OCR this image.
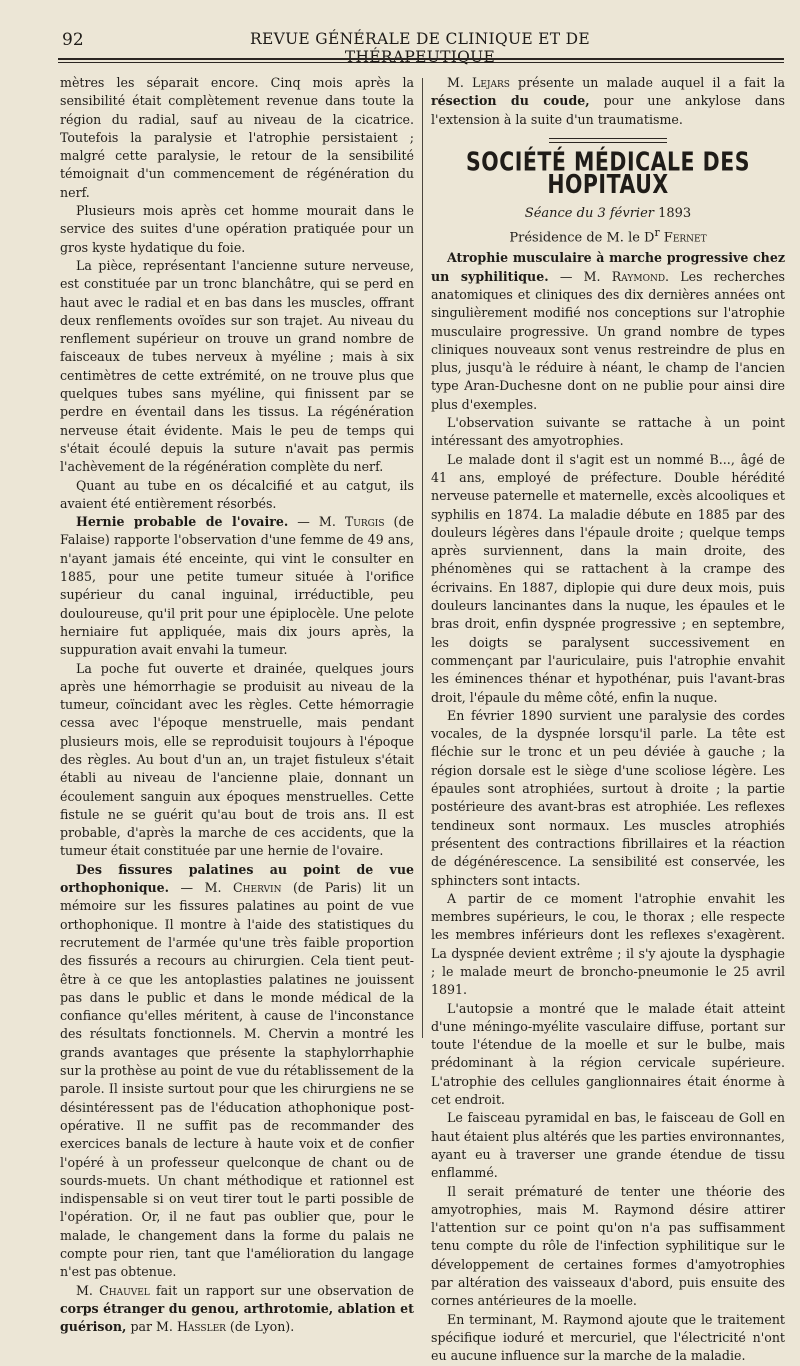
92	REVUE GÉNÉRALE DE CLINIQUE ET DE THÉRAPEUTIQUE

mètres les séparait encore. Cinq mois après la sensibilité était complètement revenue dans toute la région du radial, sauf au niveau de la cicatrice. Toutefois la paralysie et l'atrophie persistaient ; malgré cette paralysie, le retour de la sensibilité témoignait d'un commencement de régénération du nerf.

Plusieurs mois après cet homme mourait dans le service des suites d'une opération pratiquée pour un gros kyste hydatique du foie.

La pièce, représentant l'ancienne suture nerveuse, est constituée par un tronc blanchâtre, qui se perd en haut avec le radial et en bas dans les muscles, offrant deux renflements ovoïdes sur son trajet. Au niveau du renflement supérieur on trouve un grand nombre de faisceaux de tubes nerveux à myéline ; mais à six centimètres de cette extrémité, on ne trouve plus que quelques tubes sans myéline, qui finissent par se perdre en éventail dans les tissus. La régénération nerveuse était évidente. Mais le peu de temps qui s'était écoulé depuis la suture n'avait pas permis l'achèvement de la régénération complète du nerf.

Quant au tube en os décalcifié et au catgut, ils avaient été entièrement résorbés.

Hernie probable de l'ovaire. — M. Turgis (de Falaise) rapporte l'observation d'une femme de 49 ans, n'ayant jamais été enceinte, qui vint le consulter en 1885, pour une petite tumeur située à l'orifice supérieur du canal inguinal, irréductible, peu douloureuse, qu'il prit pour une épiplocèle. Une pelote herniaire fut appliquée, mais dix jours après, la suppuration avait envahi la tumeur.

La poche fut ouverte et drainée, quelques jours après une hémorrhagie se produisit au niveau de la tumeur, coïncidant avec les règles. Cette hémorragie cessa avec l'époque menstruelle, mais pendant plusieurs mois, elle se reproduisit toujours à l'époque des règles. Au bout d'un an, un trajet fistuleux s'était établi au niveau de l'ancienne plaie, donnant un écoulement sanguin aux époques menstruelles. Cette fistule ne se guérit qu'au bout de trois ans. Il est probable, d'après la marche de ces accidents, que la tumeur était constituée par une hernie de l'ovaire.

Des fissures palatines au point de vue orthophonique. — M. Chervin (de Paris) lit un mémoire sur les fissures palatines au point de vue orthophonique. Il montre à l'aide des statistiques du recrutement de l'armée qu'une très faible proportion des fissurés a recours au chirurgien. Cela tient peut-être à ce que les antoplasties palatines ne jouissent pas dans le public et dans le monde médical de la confiance qu'elles méritent, à cause de l'inconstance des résultats fonctionnels. M. Chervin a montré les grands avantages que présente la staphylorrhaphie sur la prothèse au point de vue du rétablissement de la parole. Il insiste surtout pour que les chirurgiens ne se désintéressent pas de l'éducation athophonique post-opérative. Il ne suffit pas de recommander des exercices banals de lecture à haute voix et de confier l'opéré à un professeur quelconque de chant ou de sourds-muets. Un chant méthodique et rationnel est indispensable si on veut tirer tout le parti possible de l'opération. Or, il ne faut pas oublier que, pour le malade, le changement dans la forme du palais ne compte pour rien, tant que l'amélioration du langage n'est pas obtenue.

M. Chauvel fait un rapport sur une observation de corps étranger du genou, arthrotomie, ablation et guérison, par M. Hassler (de Lyon).

M. Lejars présente un malade auquel il a fait la résection du coude, pour une ankylose dans l'extension à la suite d'un traumatisme.

SOCIÉTÉ MÉDICALE DES HOPITAUX
Séance du 3 février 1893
Présidence de M. le $D^r$ Fernet

Atrophie musculaire à marche progressive chez un syphilitique. — M. Raymond. Les recherches anatomiques et cliniques des dix dernières années ont singulièrement modifié nos conceptions sur l'atrophie musculaire progressive. Un grand nombre de types cliniques nouveaux sont venus restreindre de plus en plus, jusqu'à le réduire à néant, le champ de l'ancien type Aran-Duchesne dont on ne publie pour ainsi dire plus d'exemples.

L'observation suivante se rattache à un point intéressant des amyotrophies.

Le malade dont il s'agit est un nommé B..., âgé de 41 ans, employé de préfecture. Double hérédité nerveuse paternelle et maternelle, excès alcooliques et syphilis en 1874. La maladie débute en 1885 par des douleurs légères dans l'épaule droite ; quelque temps après surviennent, dans la main droite, des phénomènes qui se rattachent à la crampe des écrivains. En 1887, diplopie qui dure deux mois, puis douleurs lancinantes dans la nuque, les épaules et le bras droit, enfin dyspnée progressive ; en septembre, les doigts se paralysent successivement en commençant par l'auriculaire, puis l'atrophie envahit les éminences thénar et hypothénar, puis l'avant-bras droit, l'épaule du même côté, enfin la nuque.

En février 1890 survient une paralysie des cordes vocales, de la dyspnée lorsqu'il parle. La tête est fléchie sur le tronc et un peu déviée à gauche ; la région dorsale est le siège d'une scoliose légère. Les épaules sont atrophiées, surtout à droite ; la partie postérieure des avant-bras est atrophiée. Les reflexes tendineux sont normaux. Les muscles atrophiés présentent des contractions fibrillaires et la réaction de dégénérescence. La sensibilité est conservée, les sphincters sont intacts.

A partir de ce moment l'atrophie envahit les membres supérieurs, le cou, le thorax ; elle respecte les membres inférieurs dont les reflexes s'exagèrent. La dyspnée devient extrême ; il s'y ajoute la dysphagie ; le malade meurt de broncho-pneumonie le 25 avril 1891.

L'autopsie a montré que le malade était atteint d'une méningo-myélite vasculaire diffuse, portant sur toute l'étendue de la moelle et sur le bulbe, mais prédominant à la région cervicale supérieure. L'atrophie des cellules ganglionnaires était énorme à cet endroit.

Le faisceau pyramidal en bas, le faisceau de Goll en haut étaient plus altérés que les parties environnantes, ayant eu à traverser une grande étendue de tissu enflammé.

Il serait prématuré de tenter une théorie des amyotrophies, mais M. Raymond désire attirer l'attention sur ce point qu'on n'a pas suffisamment tenu compte du rôle de l'infection syphilitique sur le développement de certaines formes d'amyotrophies par altération des vaisseaux d'abord, puis ensuite des cornes antérieures de la moelle.

En terminant, M. Raymond ajoute que le traitement spécifique ioduré et mercuriel, que l'électricité n'ont eu aucune influence sur la marche de la maladie.
